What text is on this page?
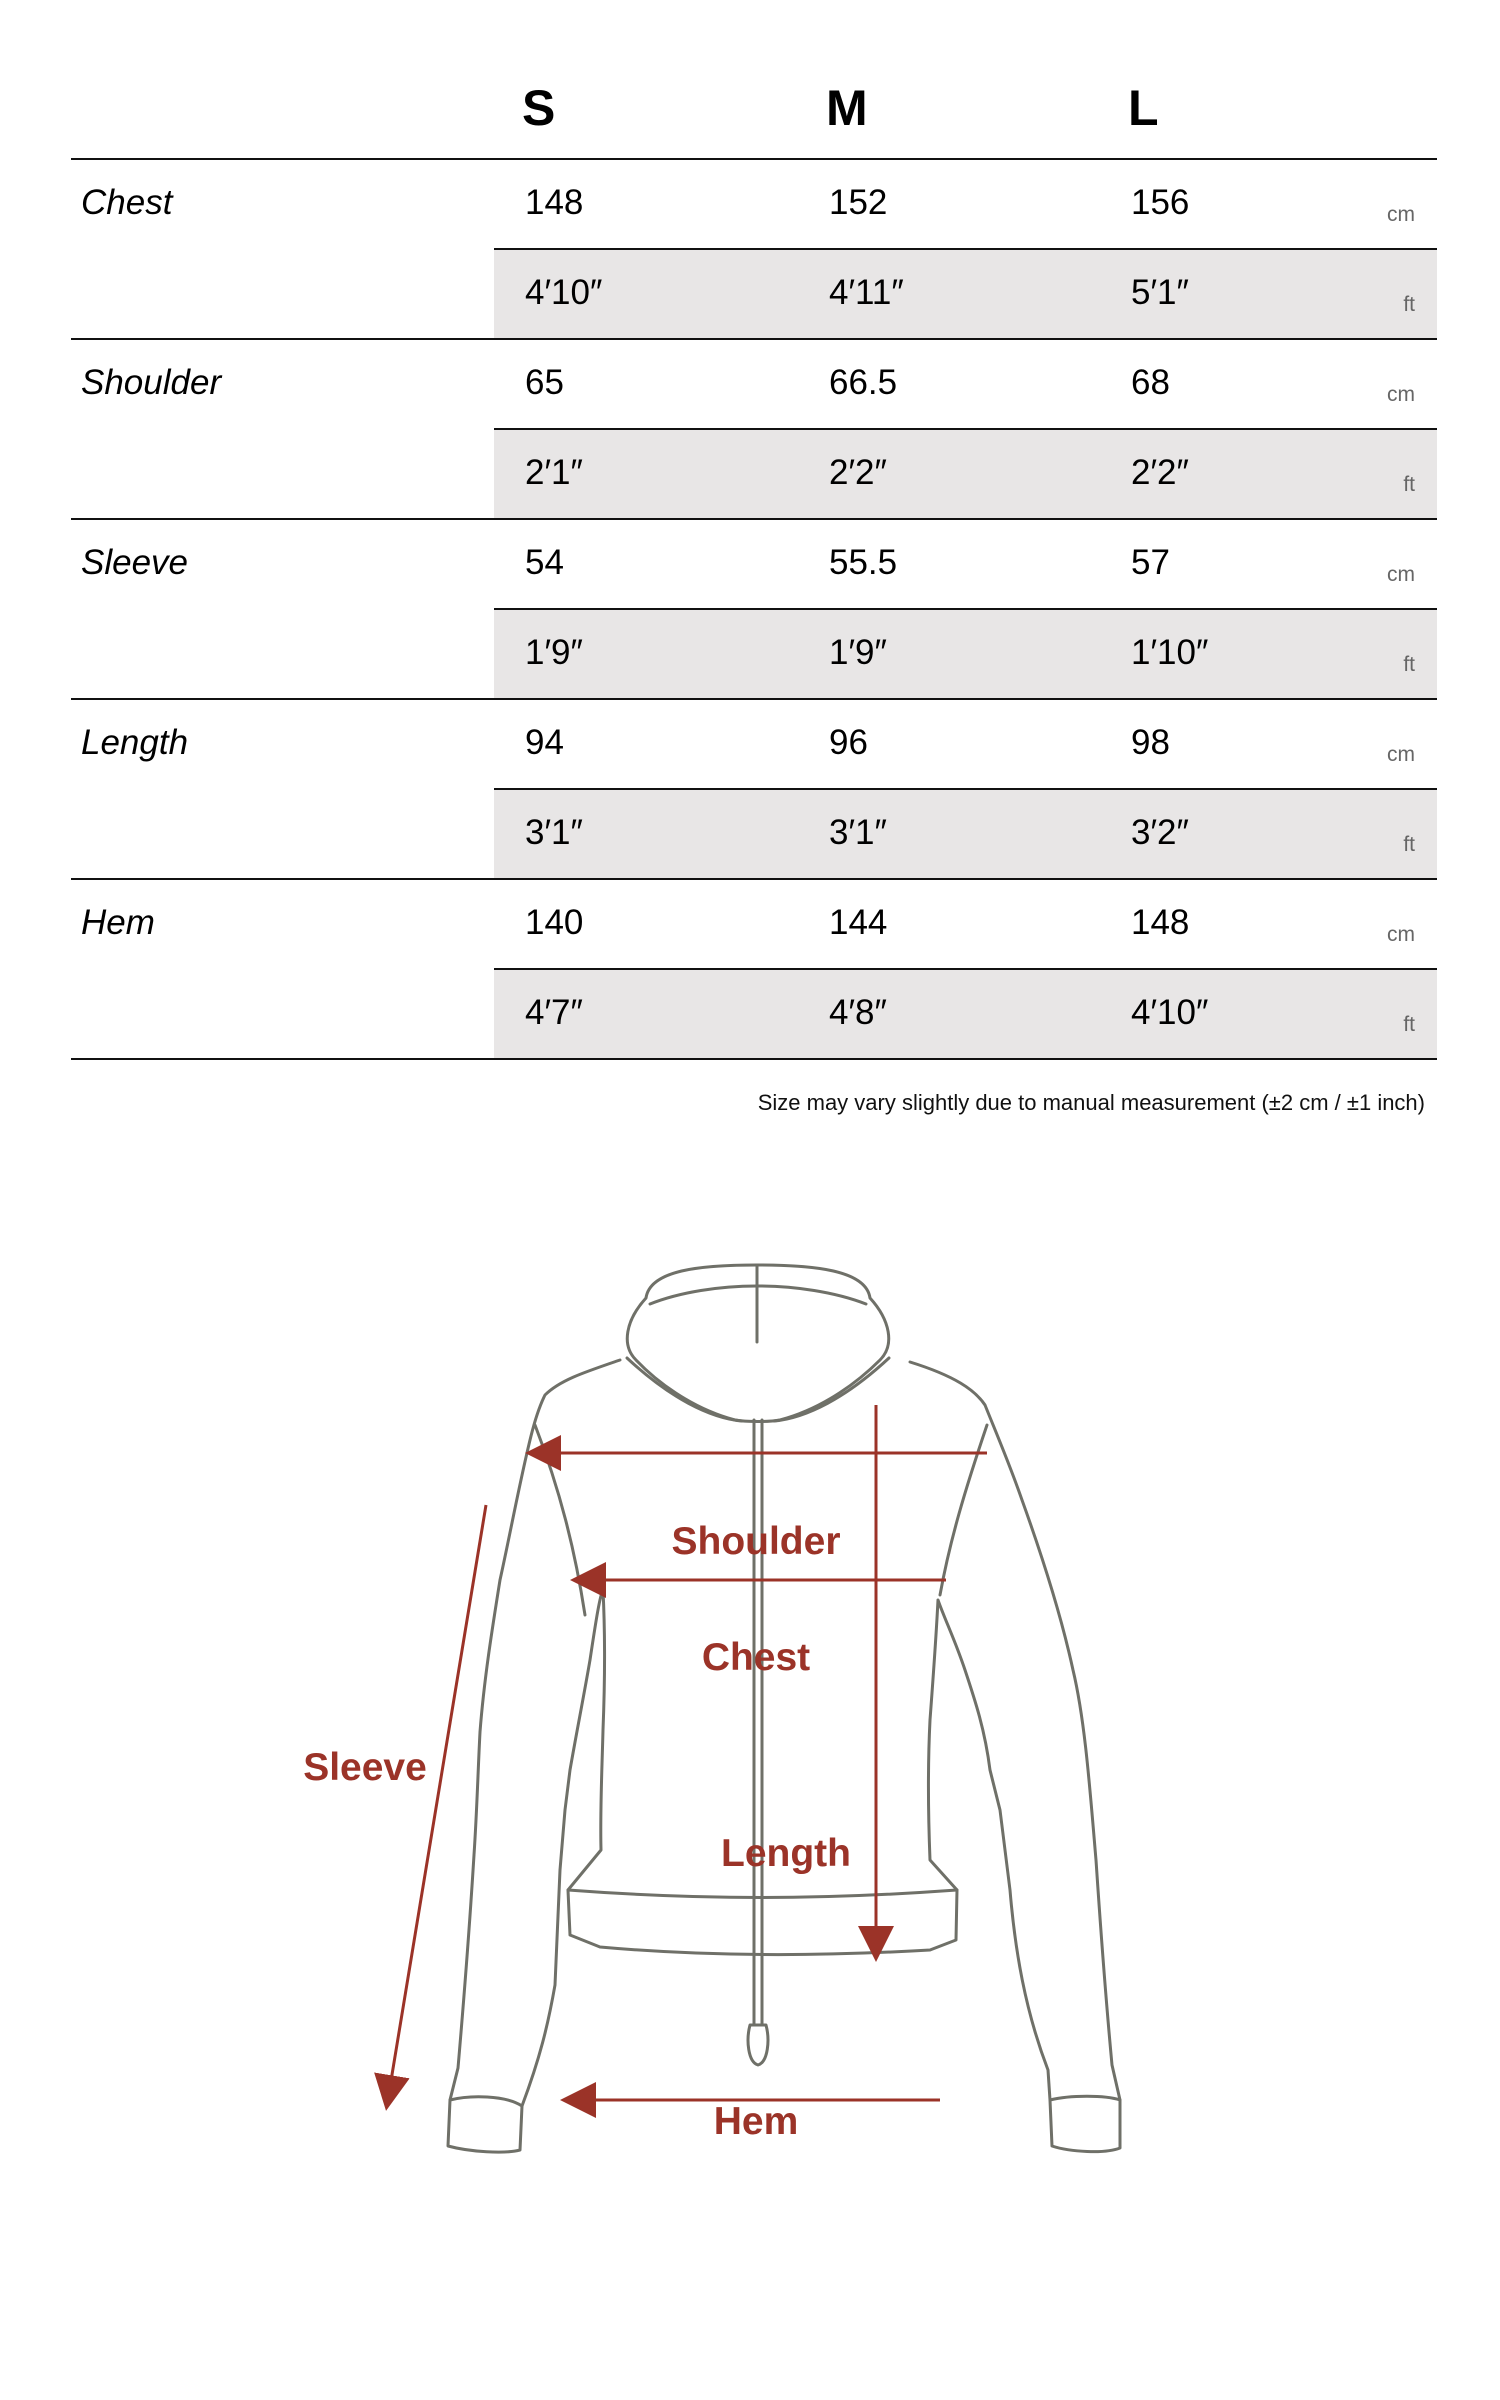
S	M	L
Chest	148	152	156	cm
4′10″	4′11″	5′1″	ft
Shoulder	65	66.5	68	cm
2′1″	2′2″	2′2″	ft
Sleeve	54	55.5	57	cm
1′9″	1′9″	1′10″	ft
Length	94	96	98	cm
3′1″	3′1″	3′2″	ft
Hem	140	144	148	cm
4′7″	4′8″	4′10″	ft
Size may vary slightly due to manual measurement (±2 cm / ±1 inch)
Shoulder
Chest
Length
Hem
Sleeve
